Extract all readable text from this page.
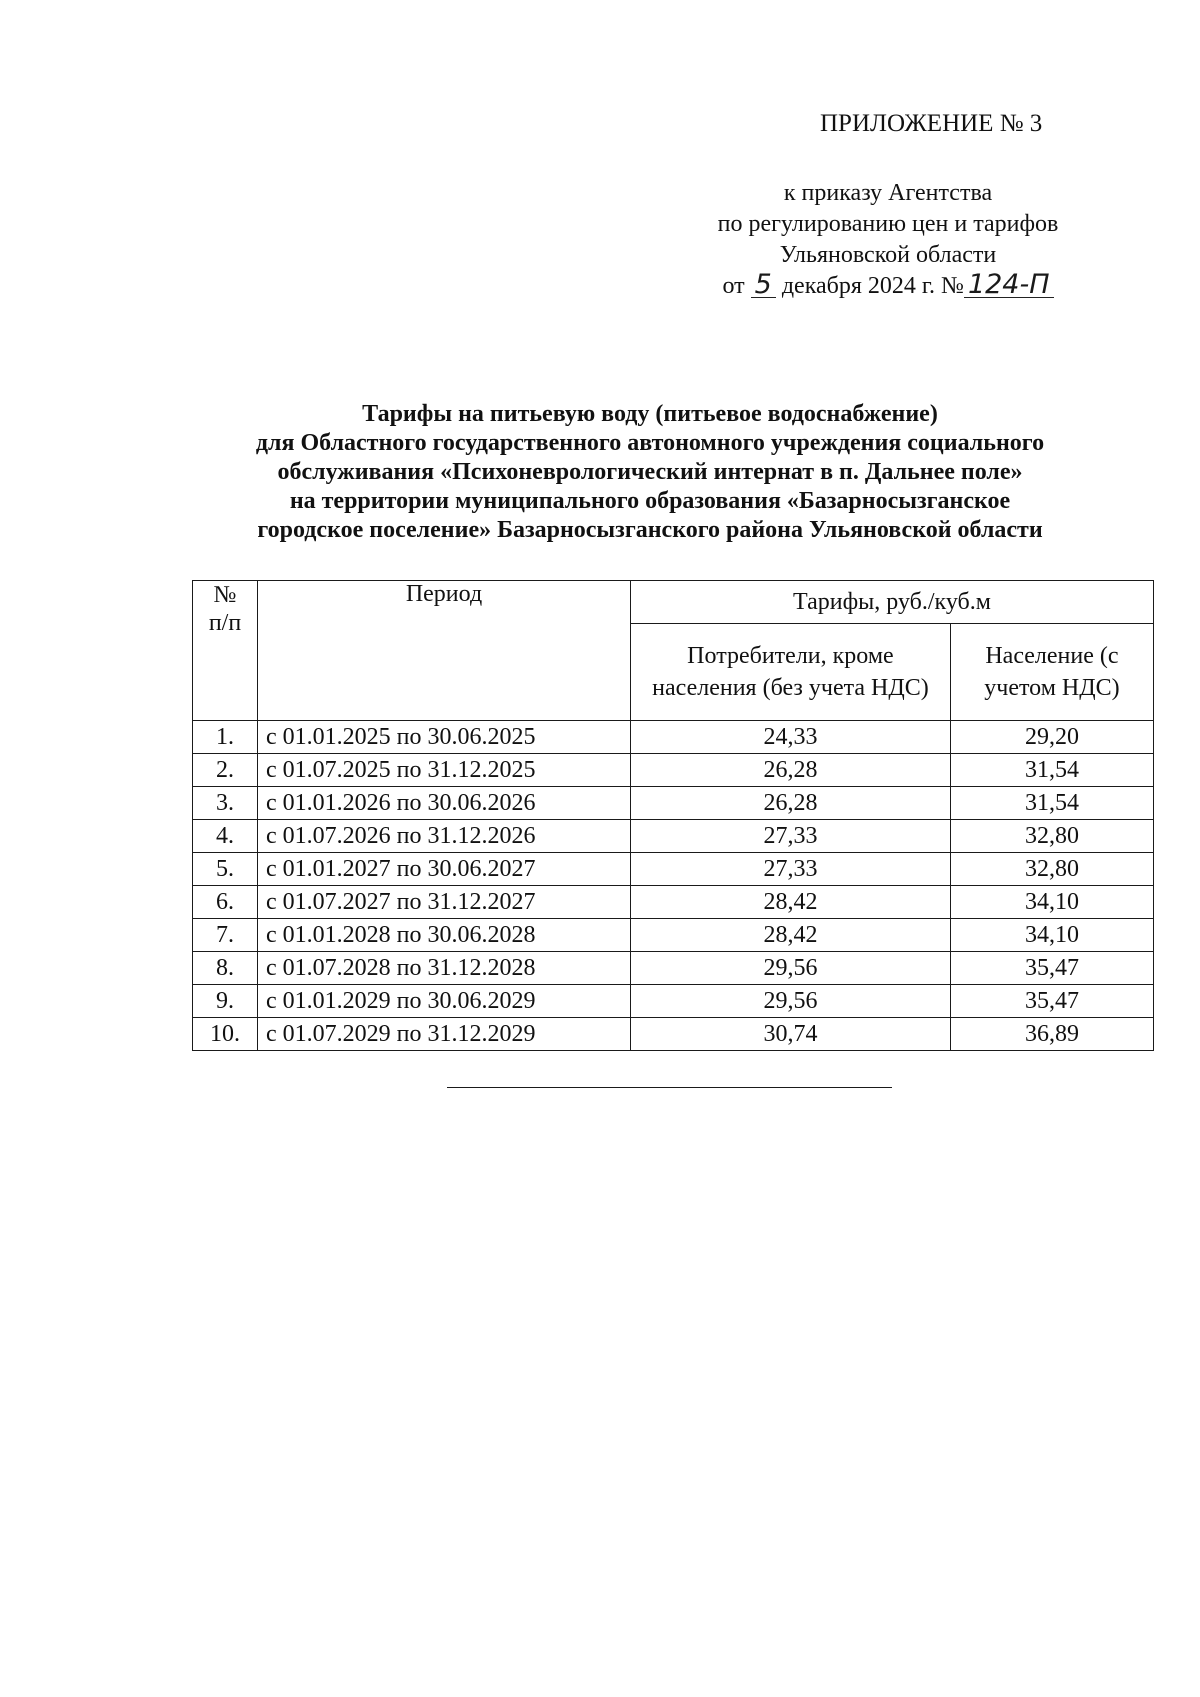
ПРИЛОЖЕНИЕ № 3
к приказу Агентства
по регулированию цен и тарифов
Ульяновской области
от 5 декабря 2024 г. № 124-П
Тарифы на питьевую воду (питьевое водоснабжение)
для Областного государственного автономного учреждения социального
обслуживания «Психоневрологический интернат в п. Дальнее поле»
на территории муниципального образования «Базарносызганское
городское поселение» Базарносызганского района Ульяновской области
№ п/п	Период	Тарифы, руб./куб.м	
		Потребители, кроме населения (без учета НДС)	Население (с учетом НДС)
1.	с 01.01.2025 по 30.06.2025	24,33	29,20
2.	с 01.07.2025 по 31.12.2025	26,28	31,54
3.	с 01.01.2026 по 30.06.2026	26,28	31,54
4.	с 01.07.2026 по 31.12.2026	27,33	32,80
5.	с 01.01.2027 по 30.06.2027	27,33	32,80
6.	с 01.07.2027 по 31.12.2027	28,42	34,10
7.	с 01.01.2028 по 30.06.2028	28,42	34,10
8.	с 01.07.2028 по 31.12.2028	29,56	35,47
9.	с 01.01.2029 по 30.06.2029	29,56	35,47
10.	с 01.07.2029 по 31.12.2029	30,74	36,89
